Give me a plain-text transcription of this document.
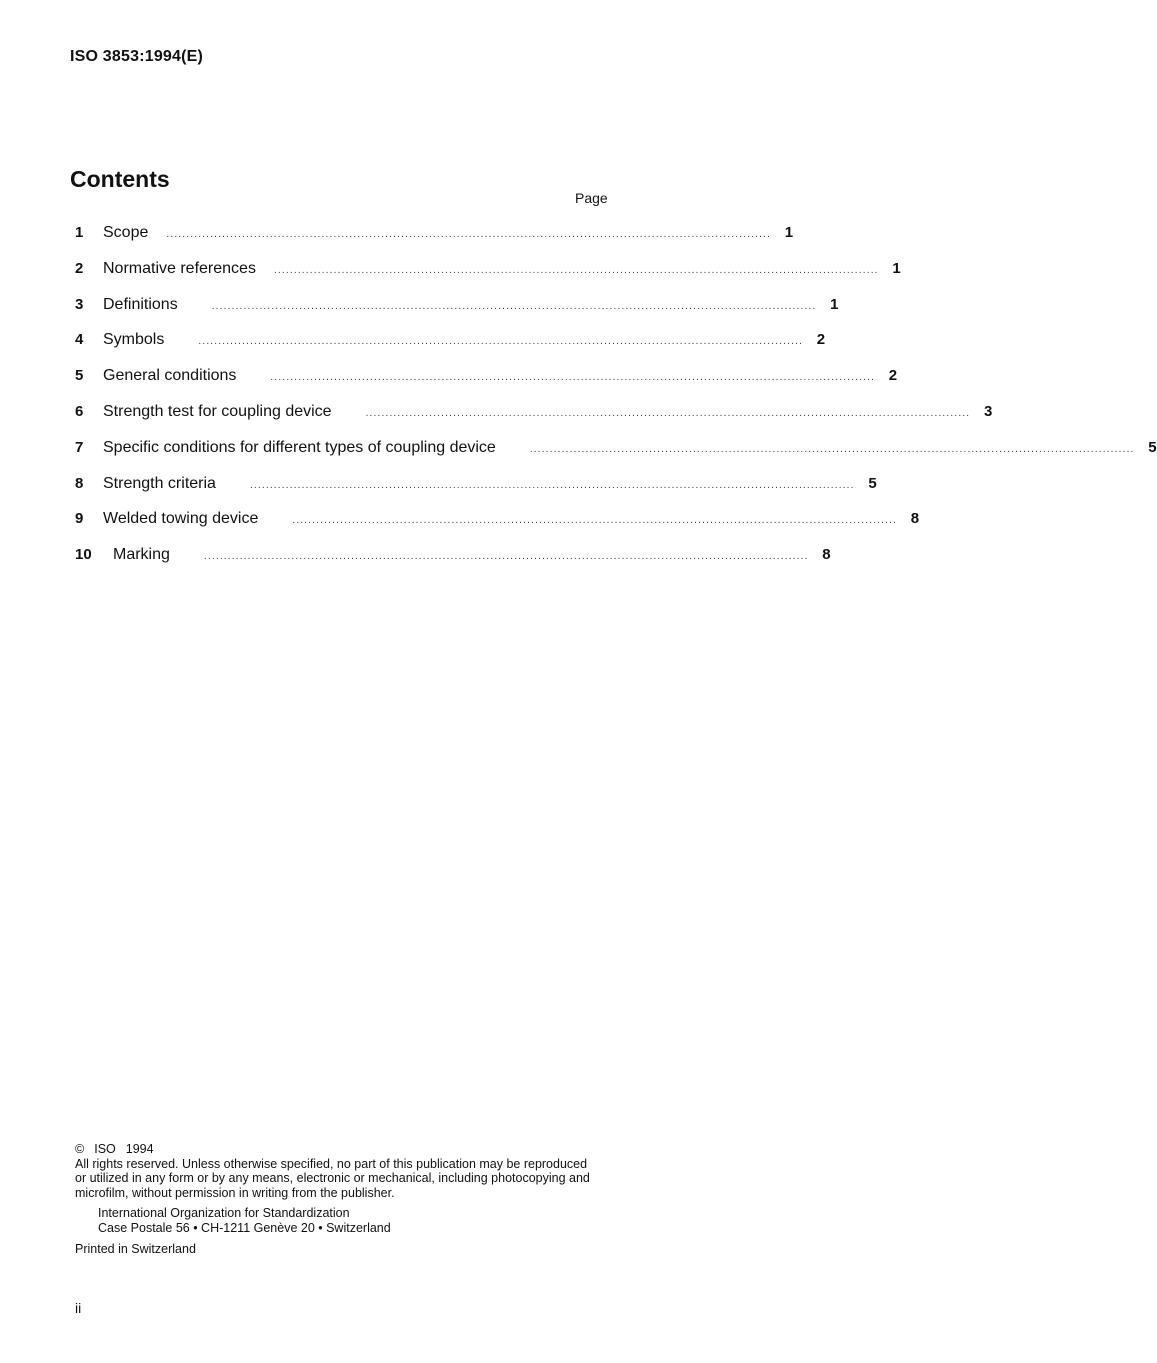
ISO 3853:1994(E)
Contents
Page
1	Scope	........................................................................................................................................................ 1
2	Normative references	........................................................................................................................................................ 1
3	Definitions	........................................................................................................................................................ 1
4	Symbols	........................................................................................................................................................ 2
5	General conditions	........................................................................................................................................................ 2
6	Strength test for coupling device	........................................................................................................................................................ 3
7	Specific conditions for different types of coupling device	........................................................................................................................................................ 5
8	Strength criteria	........................................................................................................................................................ 5
9	Welded towing device	........................................................................................................................................................ 8
10	Marking	........................................................................................................................................................ 8
© ISO 1994
All rights reserved. Unless otherwise specified, no part of this publication may be reproduced
or utilized in any form or by any means, electronic or mechanical, including photocopying and
microfilm, without permission in writing from the publisher.
International Organization for Standardization
Case Postale 56 • CH-1211 Genève 20 • Switzerland
Printed in Switzerland
ii
